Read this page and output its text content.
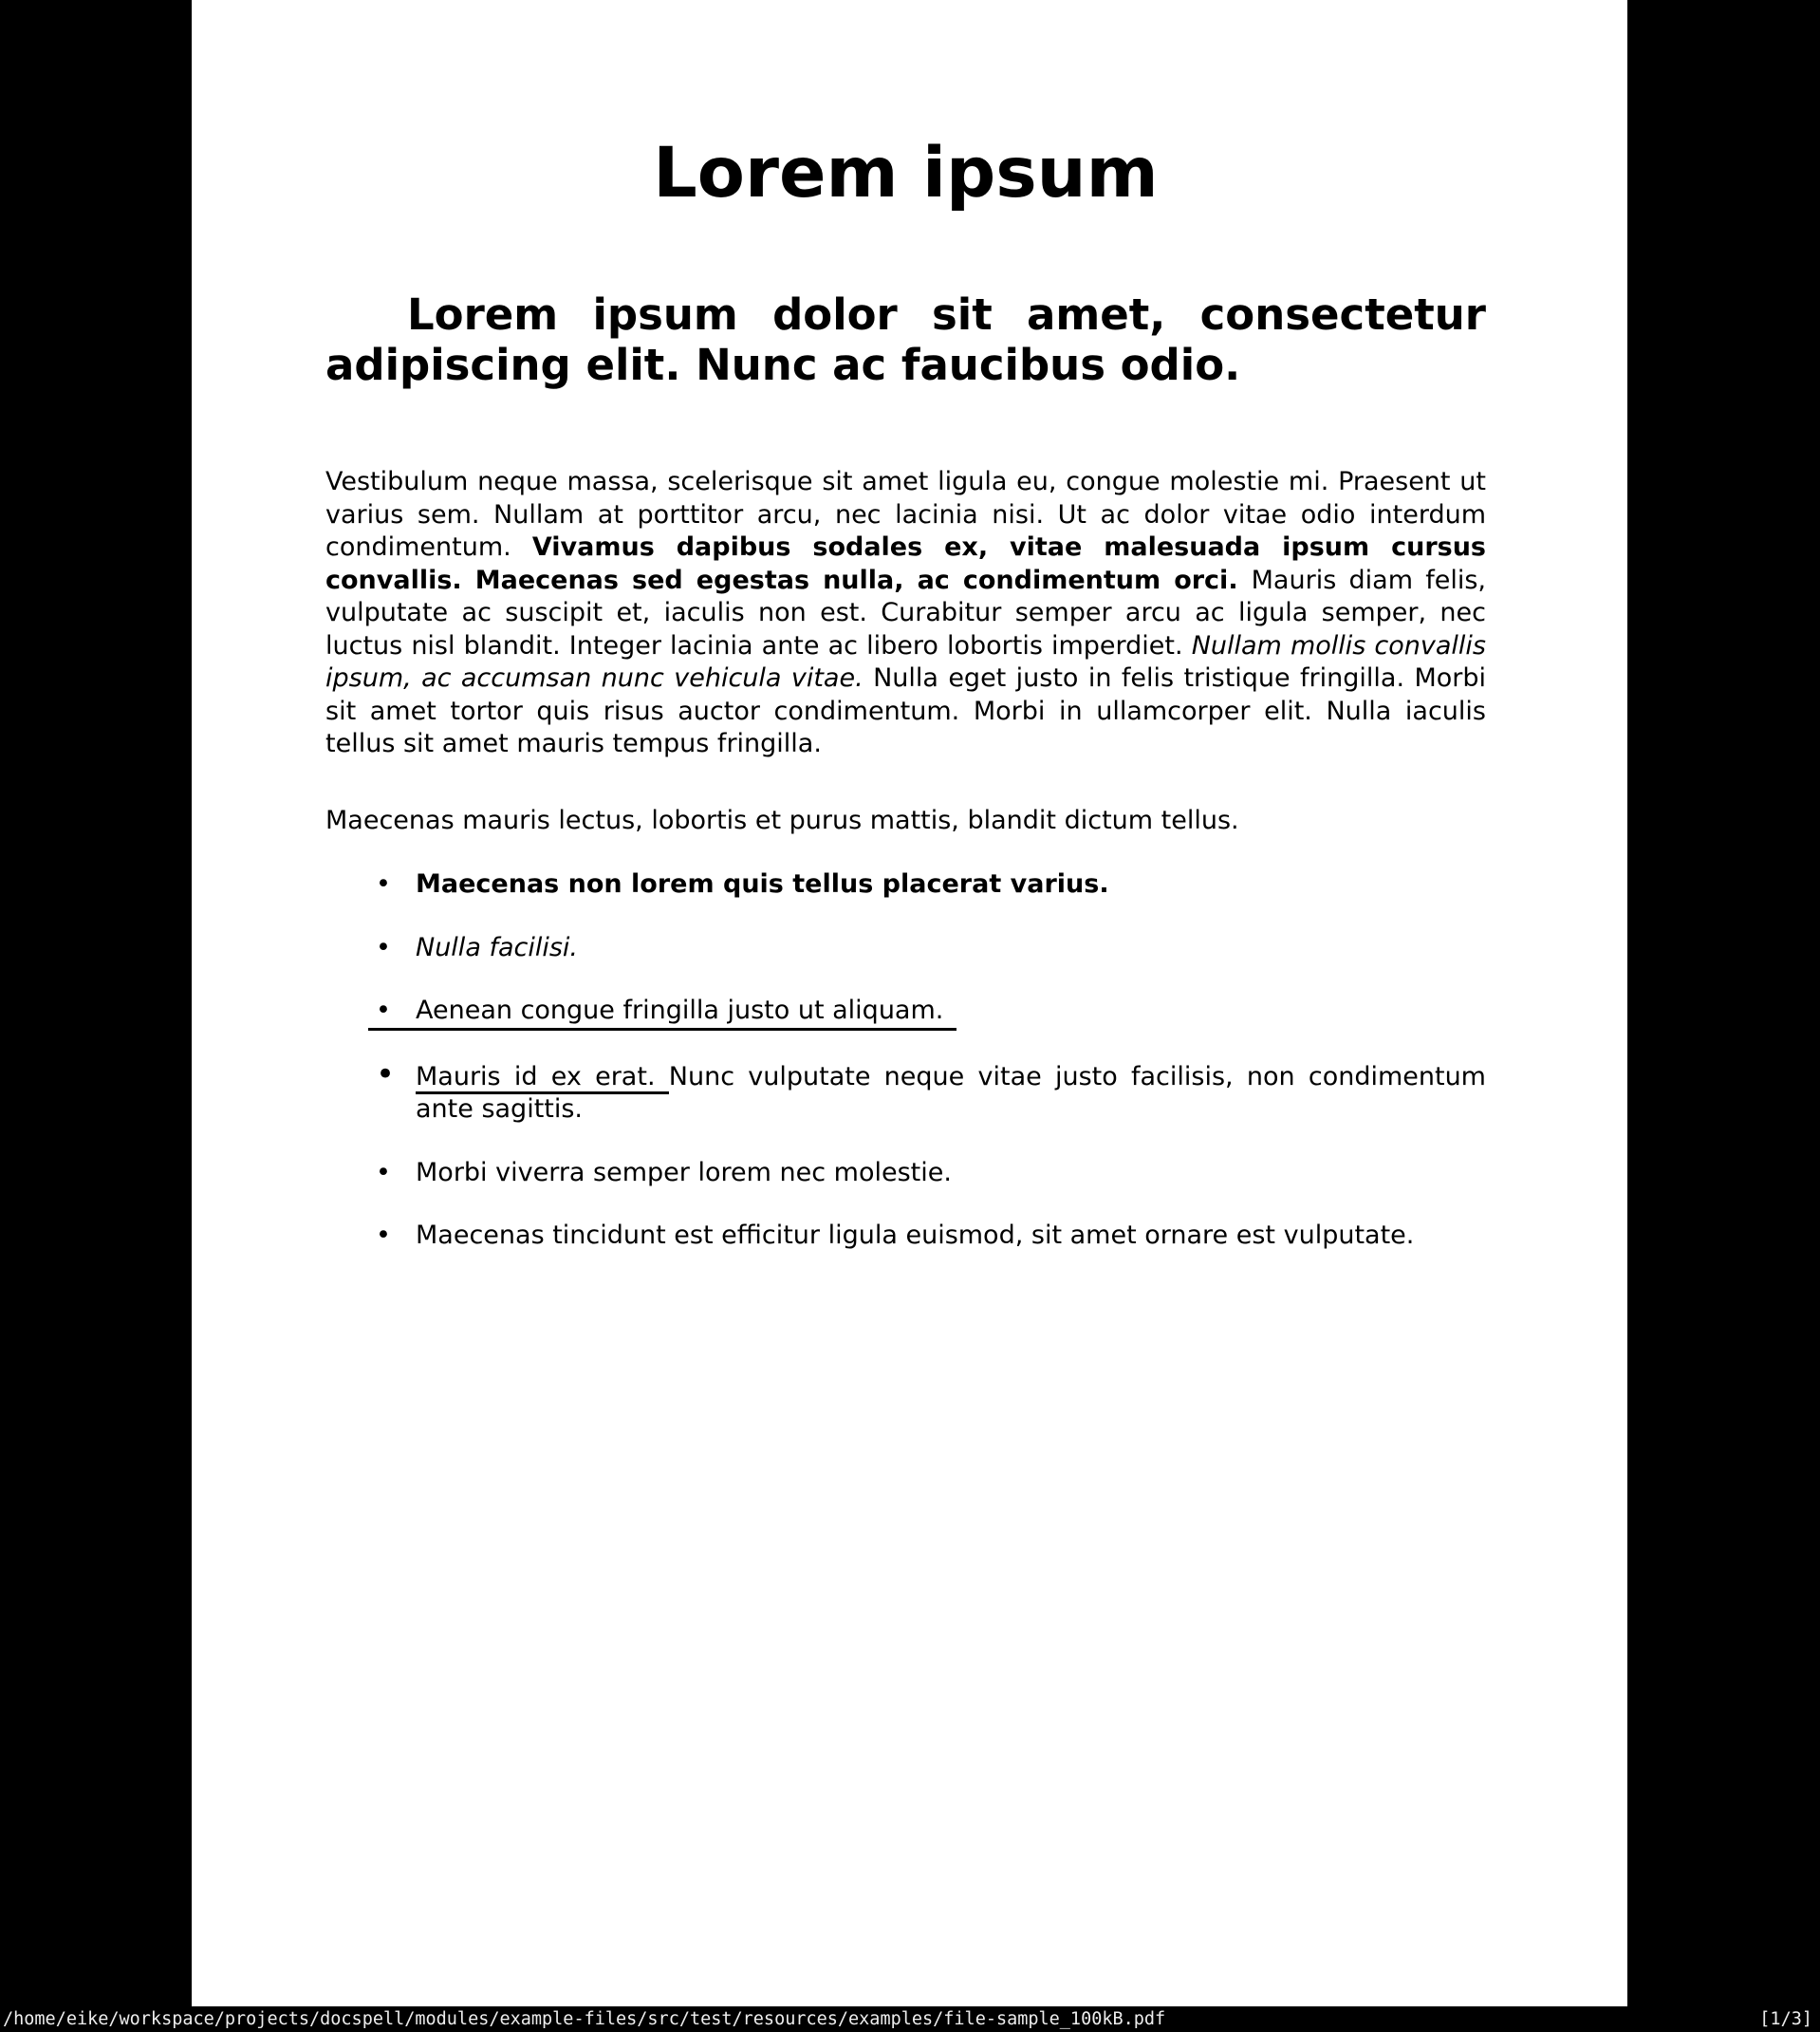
Lorem ipsum
Lorem ipsum dolor sit amet, consectetur adipiscing elit. Nunc ac faucibus odio.

Vestibulum neque massa, scelerisque sit amet ligula eu, congue molestie mi. Praesent ut varius sem. Nullam at porttitor arcu, nec lacinia nisi. Ut ac dolor vitae odio interdum condimentum. Vivamus dapibus sodales ex, vitae malesuada ipsum cursus convallis. Maecenas sed egestas nulla, ac condimentum orci. Mauris diam felis, vulputate ac suscipit et, iaculis non est. Curabitur semper arcu ac ligula semper, nec luctus nisl blandit. Integer lacinia ante ac libero lobortis imperdiet. Nullam mollis convallis ipsum, ac accumsan nunc vehicula vitae. Nulla eget justo in felis tristique fringilla. Morbi sit amet tortor quis risus auctor condimentum. Morbi in ullamcorper elit. Nulla iaculis tellus sit amet mauris tempus fringilla.

Maecenas mauris lectus, lobortis et purus mattis, blandit dictum tellus.

• Maecenas non lorem quis tellus placerat varius.
• Nulla facilisi.
• Aenean congue fringilla justo ut aliquam.
• Mauris id ex erat. Nunc vulputate neque vitae justo facilisis, non condimentum ante sagittis.
• Morbi viverra semper lorem nec molestie.
• Maecenas tincidunt est efficitur ligula euismod, sit amet ornare est vulputate.
/home/eike/workspace/projects/docspell/modules/example-files/src/test/resources/examples/file-sample_100kB.pdf	[1/3]
